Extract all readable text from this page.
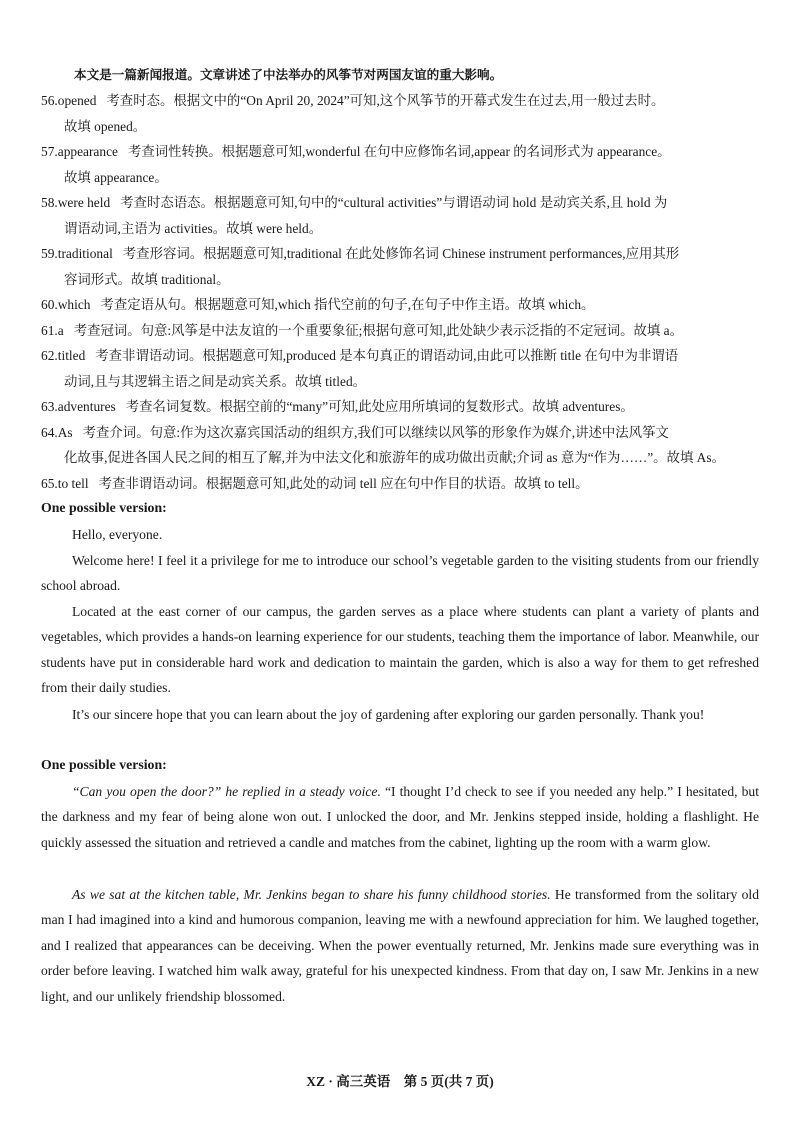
本文是一篇新闻报道。文章讲述了中法举办的风筝节对两国友谊的重大影响。
56.opened 考查时态。根据文中的“On April 20, 2024”可知,这个风筝节的开幕式发生在过去,用一般过去时。
故填 opened。
57.appearance 考查词性转换。根据题意可知,wonderful 在句中应修饰名词,appear 的名词形式为 appearance。
故填 appearance。
58.were held 考查时态语态。根据题意可知,句中的“cultural activities”与谓语动词 hold 是动宾关系,且 hold 为
谓语动词,主语为 activities。故填 were held。
59.traditional 考查形容词。根据题意可知,traditional 在此处修饰名词 Chinese instrument performances,应用其形
容词形式。故填 traditional。
60.which 考查定语从句。根据题意可知,which 指代空前的句子,在句子中作主语。故填 which。
61.a 考查冠词。句意:风筝是中法友谊的一个重要象征;根据句意可知,此处缺少表示泛指的不定冠词。故填 a。
62.titled 考查非谓语动词。根据题意可知,produced 是本句真正的谓语动词,由此可以推断 title 在句中为非谓语
动词,且与其逻辑主语之间是动宾关系。故填 titled。
63.adventures 考查名词复数。根据空前的“many”可知,此处应用所填词的复数形式。故填 adventures。
64.As 考查介词。句意:作为这次嘉宾国活动的组织方,我们可以继续以风筝的形象作为媒介,讲述中法风筝文
化故事,促进各国人民之间的相互了解,并为中法文化和旅游年的成功做出贡献;介词 as 意为“作为……”。故填 As。
65.to tell 考查非谓语动词。根据题意可知,此处的动词 tell 应在句中作目的状语。故填 to tell。
One possible version:
Hello, everyone.
Welcome here! I feel it a privilege for me to introduce our school’s vegetable garden to the visiting students from our friendly school abroad.
Located at the east corner of our campus, the garden serves as a place where students can plant a variety of plants and vegetables, which provides a hands-on learning experience for our students, teaching them the importance of labor. Meanwhile, our students have put in considerable hard work and dedication to maintain the garden, which is also a way for them to get refreshed from their daily studies.
It’s our sincere hope that you can learn about the joy of gardening after exploring our garden personally. Thank you!
One possible version:
“Can you open the door?” he replied in a steady voice. “I thought I’d check to see if you needed any help.” I hesitated, but the darkness and my fear of being alone won out. I unlocked the door, and Mr. Jenkins stepped inside, holding a flashlight. He quickly assessed the situation and retrieved a candle and matches from the cabinet, lighting up the room with a warm glow.
As we sat at the kitchen table, Mr. Jenkins began to share his funny childhood stories. He transformed from the solitary old man I had imagined into a kind and humorous companion, leaving me with a newfound appreciation for him. We laughed together, and I realized that appearances can be deceiving. When the power eventually returned, Mr. Jenkins made sure everything was in order before leaving. I watched him walk away, grateful for his unexpected kindness. From that day on, I saw Mr. Jenkins in a new light, and our unlikely friendship blossomed.
XZ · 高三英语　第 5 页(共 7 页)
